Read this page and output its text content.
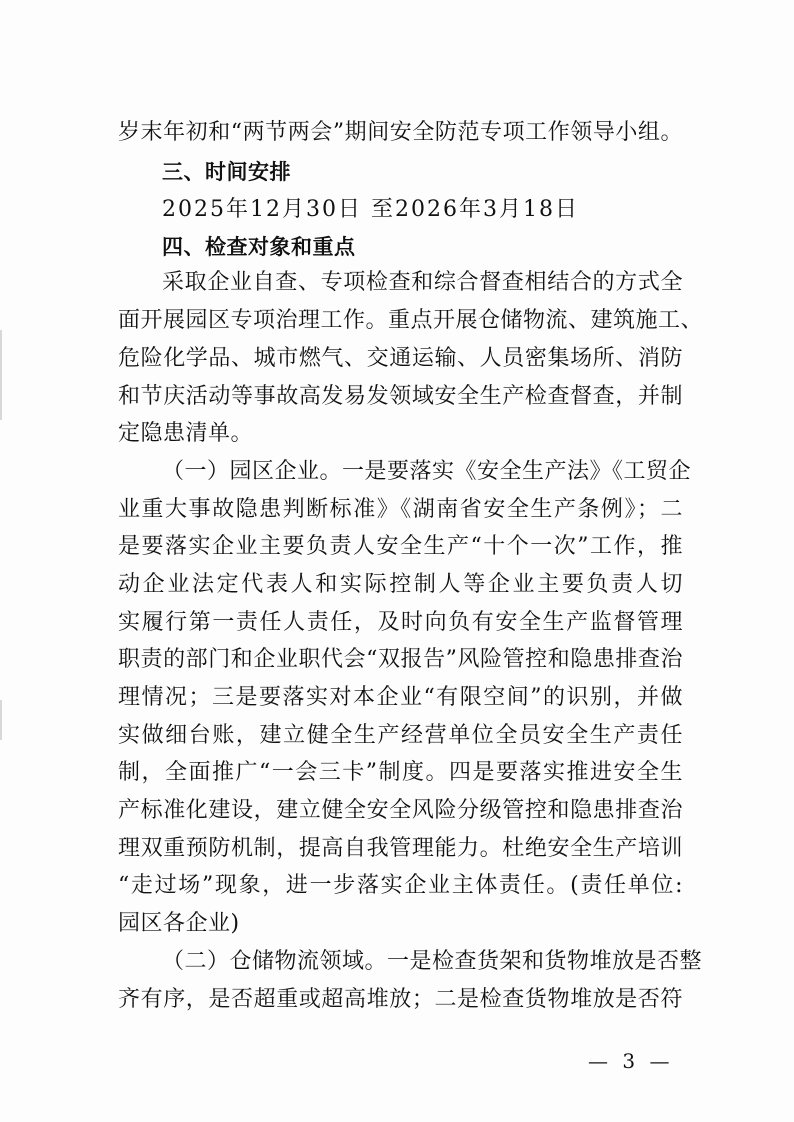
岁末年初和“两节两会”期间安全防范专项工作领导小组。
三、时间安排
2025年12月30日 至2026年3月18日
四、检查对象和重点
采取企业自查、专项检查和综合督查相结合的方式全
面开展园区专项治理工作。重点开展仓储物流、建筑施工、
危险化学品、城市燃气、交通运输、人员密集场所、消防
和节庆活动等事故高发易发领域安全生产检查督查，并制
定隐患清单。
（一）园区企业。一是要落实《安全生产法》《工贸企
业重大事故隐患判断标准》《湖南省安全生产条例》；二
是要落实企业主要负责人安全生产“十个一次”工作，推
动企业法定代表人和实际控制人等企业主要负责人切
实履行第一责任人责任，及时向负有安全生产监督管理
职责的部门和企业职代会“双报告”风险管控和隐患排查治
理情况；三是要落实对本企业“有限空间”的识别，并做
实做细台账，建立健全生产经营单位全员安全生产责任
制，全面推广“一会三卡”制度。四是要落实推进安全生
产标准化建设，建立健全安全风险分级管控和隐患排查治
理双重预防机制，提高自我管理能力。杜绝安全生产培训
“走过场”现象，进一步落实企业主体责任。(责任单位:
园区各企业)
（二）仓储物流领域。一是检查货架和货物堆放是否整
齐有序，是否超重或超高堆放；二是检查货物堆放是否符
— 3 —
